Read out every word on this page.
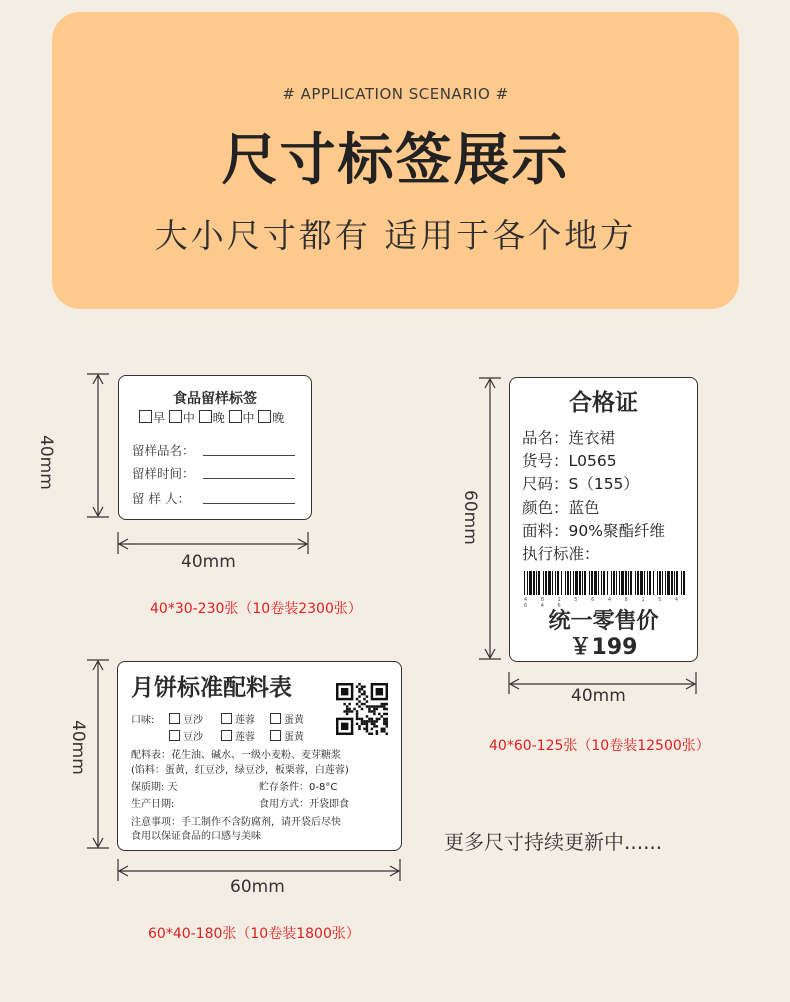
# APPLICATION SCENARIO #
尺寸标签展示
大小尺寸都有 适用于各个地方
40mm
食品留样标签
早 中 晚 中 晚
留样品名：
留样时间：
留 样 人：
40mm
40*30-230张（10卷装2300张）
60mm
合格证
品名：连衣裙
货号：L0565
尺码：S（155）
颜色：蓝色
面料：90%聚酯纤维
执行标准：
4 8 1 5 6 4 8 1 5 4 6 4 6
统一零售价
￥199
40mm
40*60-125张（10卷装12500张）
40mm
月饼标准配料表
口味:	豆沙	莲蓉	蛋黄
豆沙	莲蓉	蛋黄
配料表：花生油、碱水、一级小麦粉、麦芽糖浆
(馅料：蛋黄，红豆沙，绿豆沙，板栗蓉，白莲蓉)
保质期: 天	贮存条件：0-8°C
生产日期:	食用方式：开袋即食
注意事项：手工制作不含防腐剂，请开袋后尽快
食用以保证食品的口感与美味
60mm
60*40-180张（10卷装1800张）
更多尺寸持续更新中......
